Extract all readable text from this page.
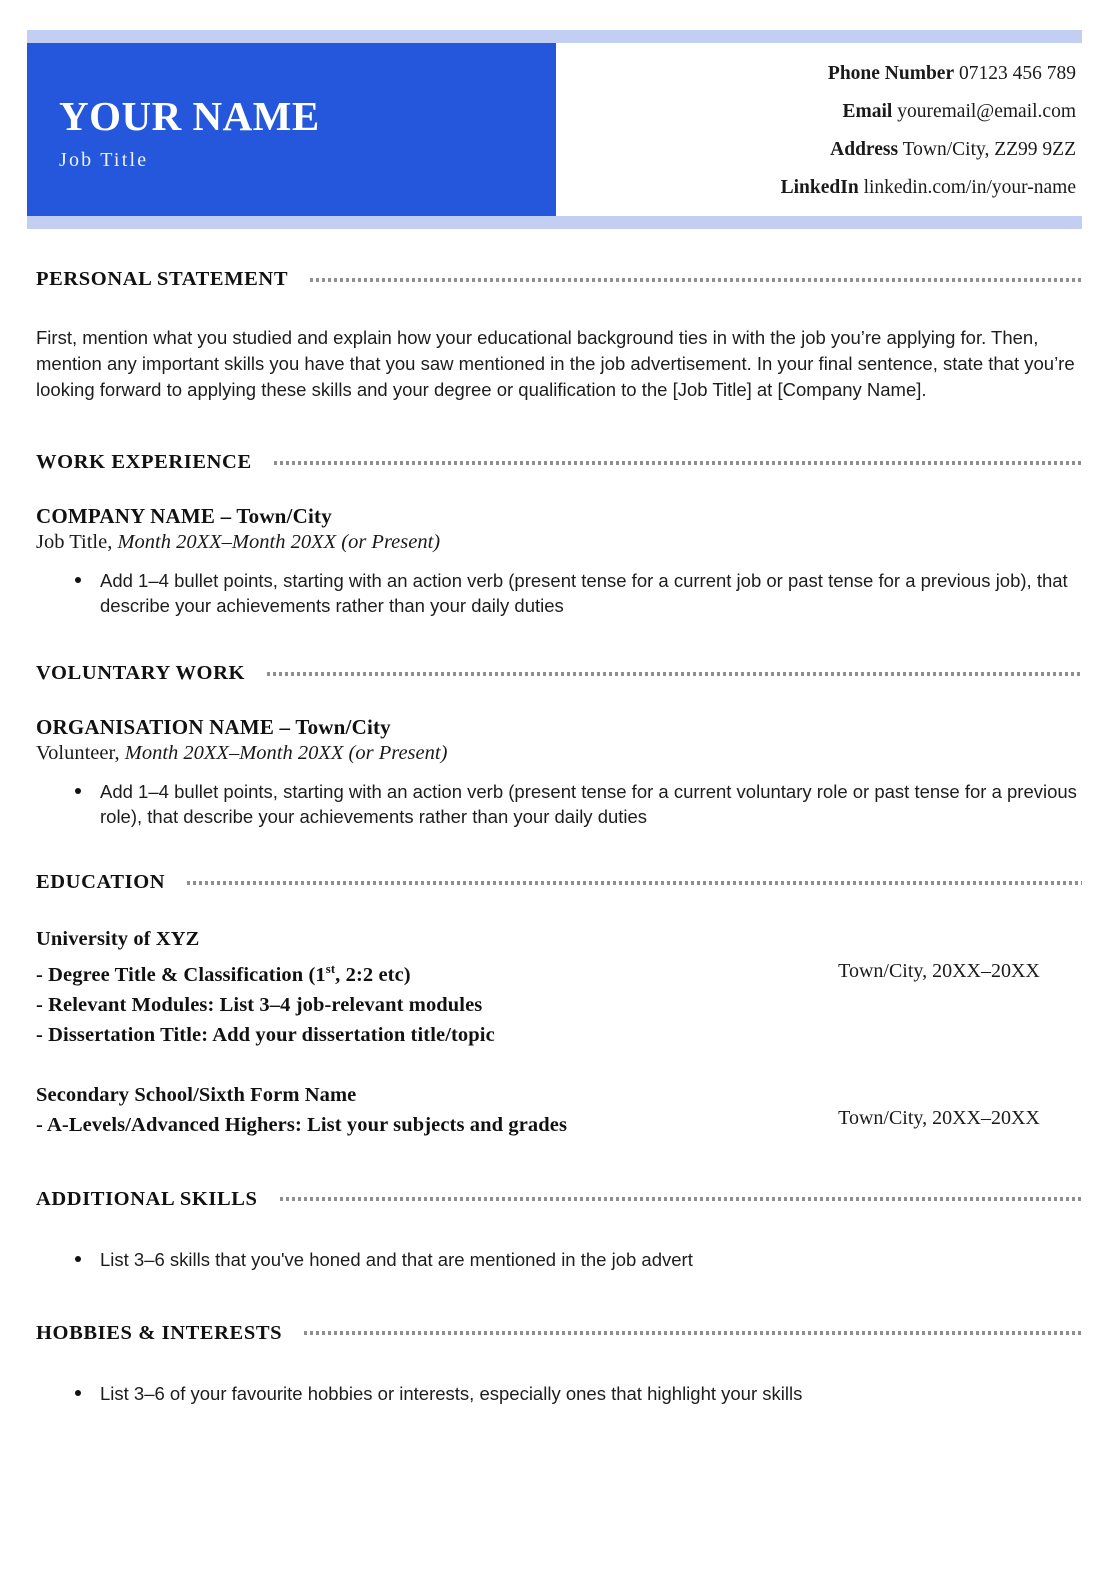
YOUR NAME
Job Title
Phone Number 07123 456 789
Email youremail@email.com
Address Town/City, ZZ99 9ZZ
LinkedIn linkedin.com/in/your-name
PERSONAL STATEMENT
First, mention what you studied and explain how your educational background ties in with the job you’re applying for. Then, mention any important skills you have that you saw mentioned in the job advertisement. In your final sentence, state that you’re looking forward to applying these skills and your degree or qualification to the [Job Title] at [Company Name].
WORK EXPERIENCE
COMPANY NAME – Town/City
Job Title, Month 20XX–Month 20XX (or Present)
Add 1–4 bullet points, starting with an action verb (present tense for a current job or past tense for a previous job), that describe your achievements rather than your daily duties
VOLUNTARY WORK
ORGANISATION NAME – Town/City
Volunteer, Month 20XX–Month 20XX (or Present)
Add 1–4 bullet points, starting with an action verb (present tense for a current voluntary role or past tense for a previous role), that describe your achievements rather than your daily duties
EDUCATION
University of XYZ
- Degree Title & Classification (1st, 2:2 etc)
- Relevant Modules: List 3–4 job-relevant modules
- Dissertation Title: Add your dissertation title/topic
Town/City, 20XX–20XX
Secondary School/Sixth Form Name
- A-Levels/Advanced Highers: List your subjects and grades	Town/City, 20XX–20XX
ADDITIONAL SKILLS
List 3–6 skills that you've honed and that are mentioned in the job advert
HOBBIES & INTERESTS
List 3–6 of your favourite hobbies or interests, especially ones that highlight your skills
